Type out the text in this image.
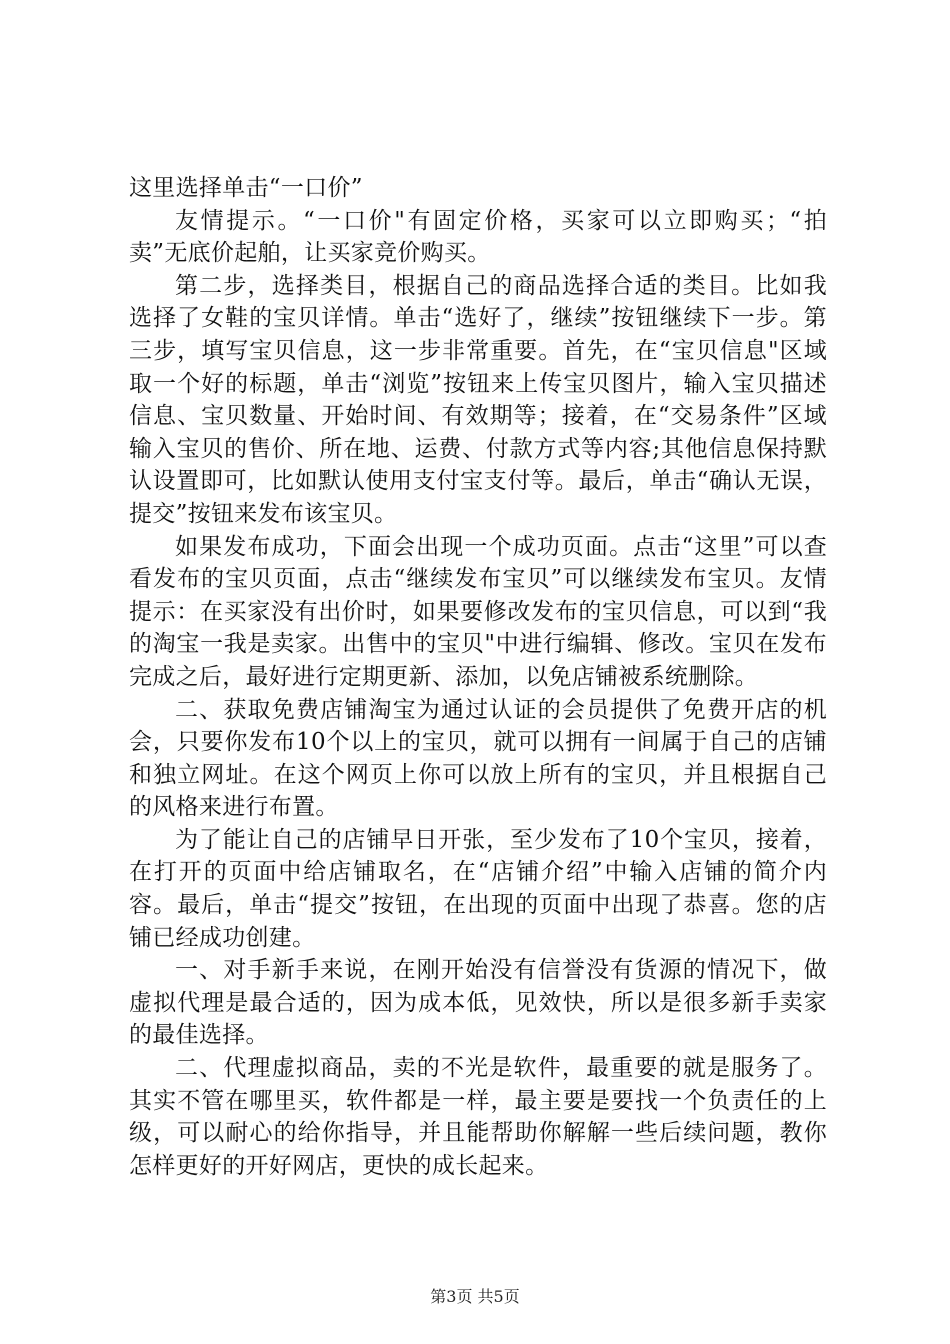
这里选择单击“一口价”

友情提示。“一口价"有固定价格，买家可以立即购买；“拍卖”无底价起舶，让买家竞价购买。

第二步，选择类目，根据自己的商品选择合适的类目。比如我选择了女鞋的宝贝详情。单击“选好了，继续”按钮继续下一步。第三步，填写宝贝信息，这一步非常重要。首先，在“宝贝信息"区域取一个好的标题，单击“浏览”按钮来上传宝贝图片，输入宝贝描述信息、宝贝数量、开始时间、有效期等；接着，在“交易条件”区域输入宝贝的售价、所在地、运费、付款方式等内容;其他信息保持默认设置即可，比如默认使用支付宝支付等。最后，单击“确认无误，提交”按钮来发布该宝贝。

如果发布成功，下面会出现一个成功页面。点击“这里”可以查看发布的宝贝页面，点击“继续发布宝贝”可以继续发布宝贝。友情提示：在买家没有出价时，如果要修改发布的宝贝信息，可以到“我的淘宝一我是卖家。出售中的宝贝"中进行编辑、修改。宝贝在发布完成之后，最好进行定期更新、添加，以免店铺被系统删除。

二、获取免费店铺淘宝为通过认证的会员提供了免费开店的机会，只要你发布10个以上的宝贝，就可以拥有一间属于自己的店铺和独立网址。在这个网页上你可以放上所有的宝贝，并且根据自己的风格来进行布置。

为了能让自己的店铺早日开张，至少发布了10个宝贝，接着，在打开的页面中给店铺取名，在“店铺介绍”中输入店铺的简介内容。最后，单击“提交”按钮，在出现的页面中出现了恭喜。您的店铺已经成功创建。

一、对手新手来说，在刚开始没有信誉没有货源的情况下，做虚拟代理是最合适的，因为成本低，见效快，所以是很多新手卖家的最佳选择。

二、代理虚拟商品，卖的不光是软件，最重要的就是服务了。其实不管在哪里买，软件都是一样，最主要是要找一个负责任的上级，可以耐心的给你指导，并且能帮助你解解一些后续问题，教你怎样更好的开好网店，更快的成长起来。

第3页 共5页
